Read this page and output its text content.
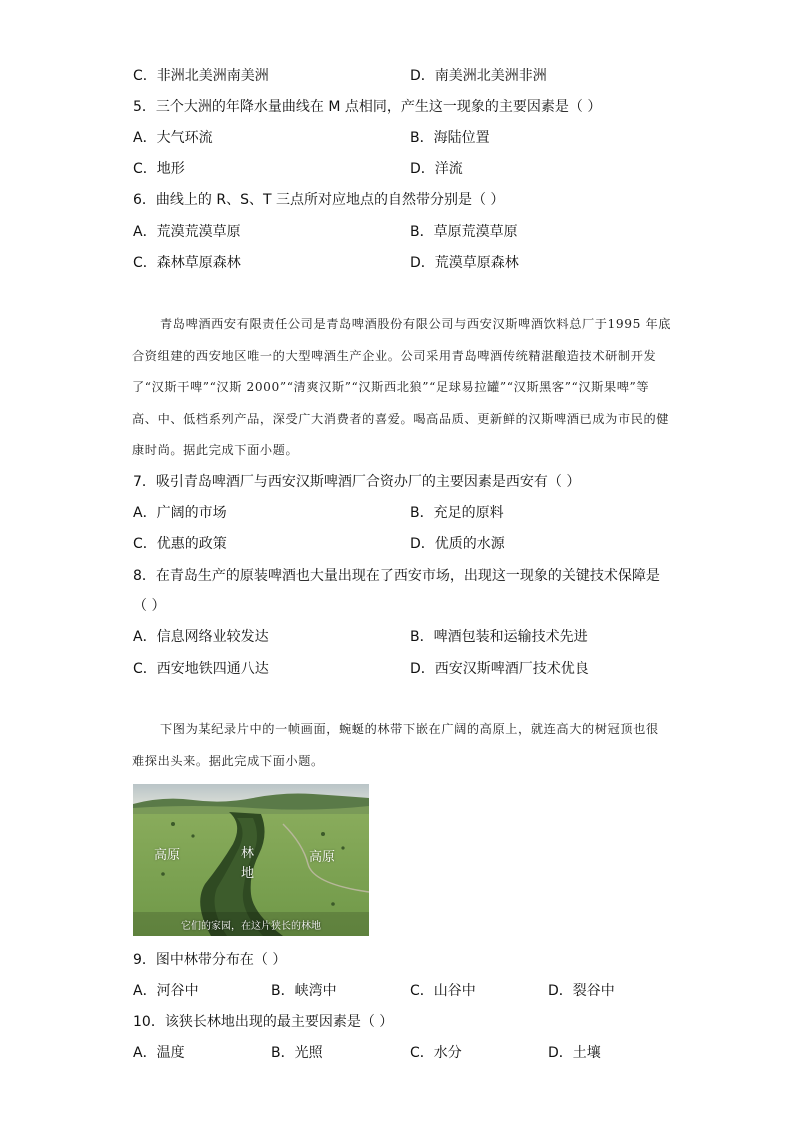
C．非洲北美洲南美洲	D．南美洲北美洲非洲
5．三个大洲的年降水量曲线在 M 点相同，产生这一现象的主要因素是（ ）
A．大气环流	B．海陆位置
C．地形	D．洋流
6．曲线上的 R、S、T 三点所对应地点的自然带分别是（ ）
A．荒漠荒漠草原	B．草原荒漠草原
C．森林草原森林	D．荒漠草原森林

青岛啤酒西安有限责任公司是青岛啤酒股份有限公司与西安汉斯啤酒饮料总厂于1995 年底合资组建的西安地区唯一的大型啤酒生产企业。公司采用青岛啤酒传统精湛酿造技术研制开发了“汉斯干啤”“汉斯 2000”“清爽汉斯”“汉斯西北狼”“足球易拉罐”“汉斯黑客”“汉斯果啤”等高、中、低档系列产品，深受广大消费者的喜爱。喝高品质、更新鲜的汉斯啤酒已成为市民的健康时尚。据此完成下面小题。

7．吸引青岛啤酒厂与西安汉斯啤酒厂合资办厂的主要因素是西安有（ ）
A．广阔的市场	B．充足的原料
C．优惠的政策	D．优质的水源
8．在青岛生产的原装啤酒也大量出现在了西安市场，出现这一现象的关键技术保障是
（ ）
A．信息网络业较发达	B．啤酒包装和运输技术先进
C．西安地铁四通八达	D．西安汉斯啤酒厂技术优良

下图为某纪录片中的一帧画面，蜿蜒的林带下嵌在广阔的高原上，就连高大的树冠顶也很难探出头来。据此完成下面小题。

高原	林
地
高原
它们的家园，在这片狭长的林地
9．图中林带分布在（ ）
A．河谷中	B．峡湾中	C．山谷中	D．裂谷中
10．该狭长林地出现的最主要因素是（ ）
A．温度	B．光照	C．水分	D．土壤
